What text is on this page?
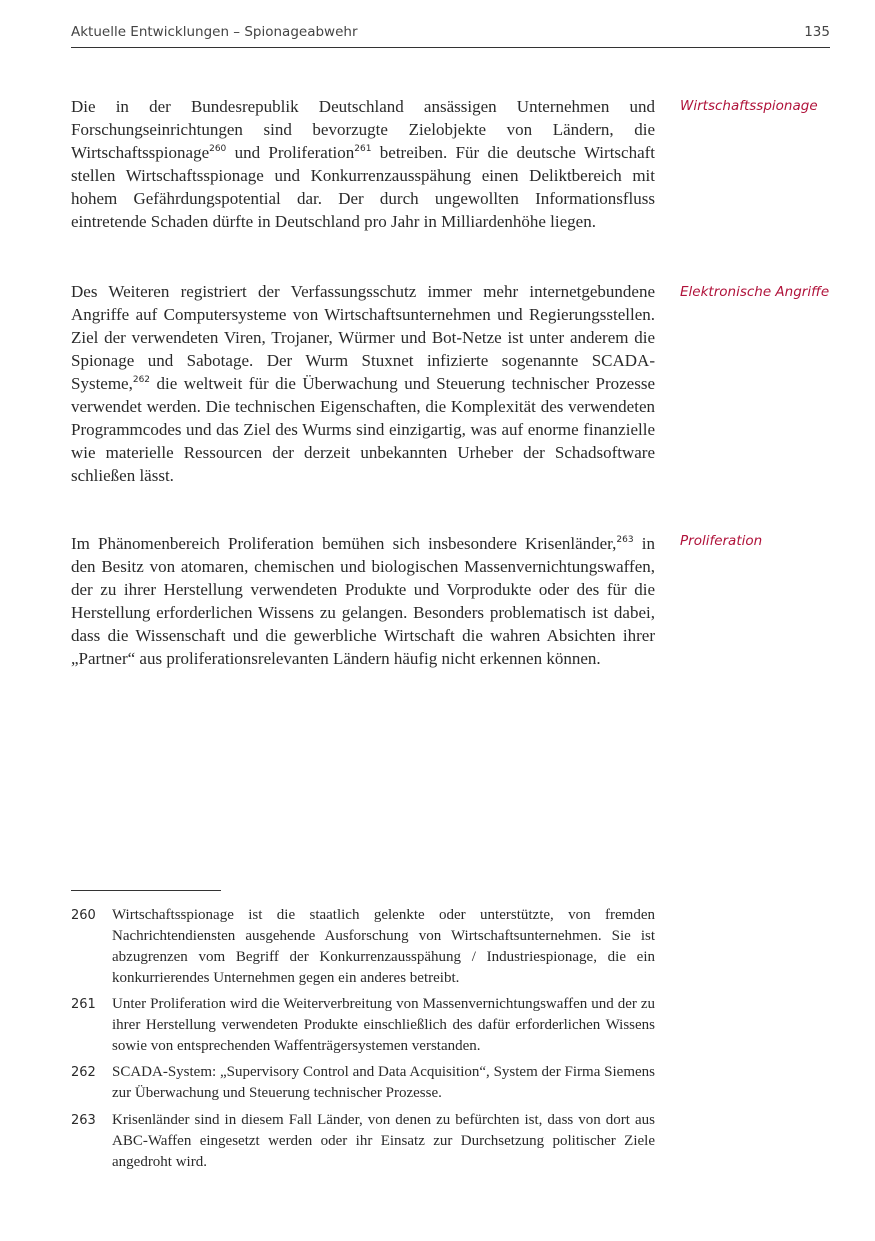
Aktuelle Entwicklungen – Spionageabwehr	135

Die in der Bundesrepublik Deutschland ansässigen Unternehmen und Forschungseinrichtungen sind bevorzugte Zielobjekte von Ländern, die Wirtschaftsspionage$^{260}$ und Proliferation$^{261}$ betreiben. Für die deutsche Wirtschaft stellen Wirtschaftsspionage und Konkurrenzausspähung einen Deliktbereich mit hohem Gefährdungspotential dar. Der durch ungewollten Informationsfluss eintretende Schaden dürfte in Deutschland pro Jahr in Milliardenhöhe liegen.

Wirtschaftsspionage

Des Weiteren registriert der Verfassungsschutz immer mehr internetgebundene Angriffe auf Computersysteme von Wirtschaftsunternehmen und Regierungsstellen. Ziel der verwendeten Viren, Trojaner, Würmer und Bot-Netze ist unter anderem die Spionage und Sabotage. Der Wurm Stuxnet infizierte sogenannte SCADA-Systeme,$^{262}$ die weltweit für die Überwachung und Steuerung technischer Prozesse verwendet werden. Die technischen Eigenschaften, die Komplexität des verwendeten Programmcodes und das Ziel des Wurms sind einzigartig, was auf enorme finanzielle wie materielle Ressourcen der derzeit unbekannten Urheber der Schadsoftware schließen lässt.

Elektronische Angriffe

Im Phänomenbereich Proliferation bemühen sich insbesondere Krisenländer,$^{263}$ in den Besitz von atomaren, chemischen und biologischen Massenvernichtungswaffen, der zu ihrer Herstellung verwendeten Produkte und Vorprodukte oder des für die Herstellung erforderlichen Wissens zu gelangen. Besonders problematisch ist dabei, dass die Wissenschaft und die gewerbliche Wirtschaft die wahren Absichten ihrer „Partner“ aus proliferationsrelevanten Ländern häufig nicht erkennen können.

Proliferation
260	Wirtschaftsspionage ist die staatlich gelenkte oder unterstützte, von fremden Nachrichtendiensten ausgehende Ausforschung von Wirtschaftsunternehmen. Sie ist abzugrenzen vom Begriff der Konkurrenzausspähung / Industriespionage, die ein konkurrierendes Unternehmen gegen ein anderes betreibt.
261	Unter Proliferation wird die Weiterverbreitung von Massenvernichtungswaffen und der zu ihrer Herstellung verwendeten Produkte einschließlich des dafür erforderlichen Wissens sowie von entsprechenden Waffenträgersystemen verstanden.
262	SCADA-System: „Supervisory Control and Data Acquisition“, System der Firma Siemens zur Überwachung und Steuerung technischer Prozesse.
263	Krisenländer sind in diesem Fall Länder, von denen zu befürchten ist, dass von dort aus ABC-Waffen eingesetzt werden oder ihr Einsatz zur Durchsetzung politischer Ziele angedroht wird.
